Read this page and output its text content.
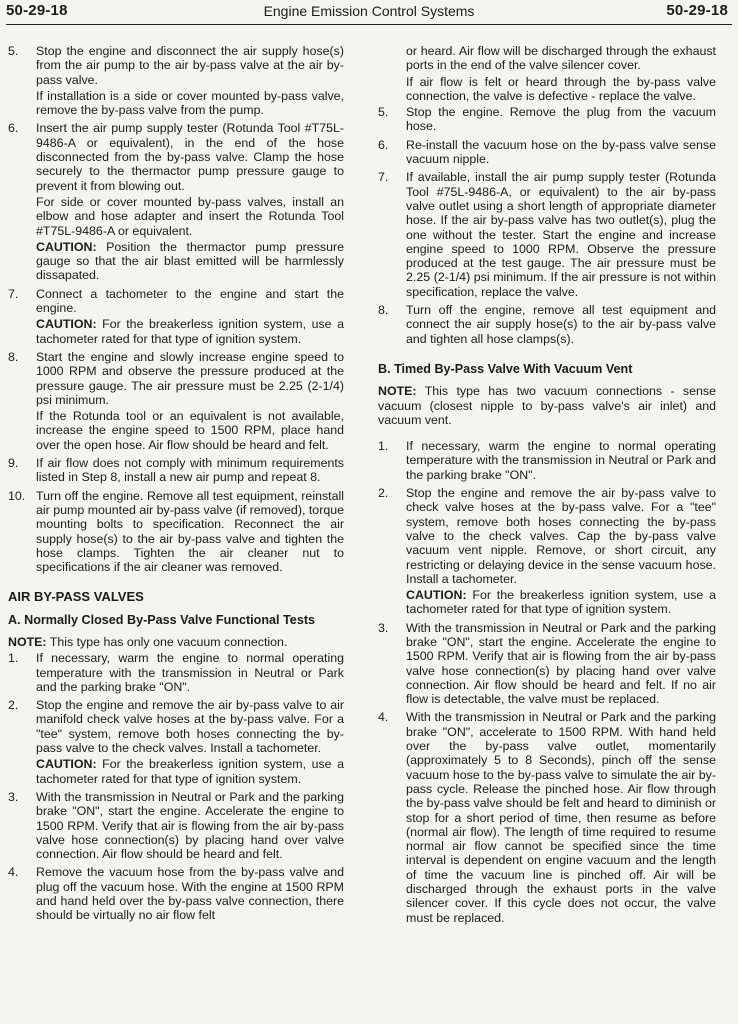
50-29-18	Engine Emission Control Systems	50-29-18
5.	Stop the engine and disconnect the air supply hose(s) from the air pump to the air by-pass valve at the air by-pass valve.

If installation is a side or cover mounted by-pass valve, remove the by-pass valve from the pump.

6.	Insert the air pump supply tester (Rotunda Tool #T75L-9486-A or equivalent), in the end of the hose disconnected from the by-pass valve. Clamp the hose securely to the thermactor pump pressure gauge to prevent it from blowing out.

For side or cover mounted by-pass valves, install an elbow and hose adapter and insert the Rotunda Tool #T75L-9486-A or equivalent.

CAUTION: Position the thermactor pump pressure gauge so that the air blast emitted will be harmlessly dissapated.

7.	Connect a tachometer to the engine and start the engine.

CAUTION: For the breakerless ignition system, use a tachometer rated for that type of ignition system.

8.	Start the engine and slowly increase engine speed to 1000 RPM and observe the pressure produced at the pressure gauge. The air pressure must be 2.25 (2-1/4) psi minimum.

If the Rotunda tool or an equivalent is not available, increase the engine speed to 1500 RPM, place hand over the open hose. Air flow should be heard and felt.

9.	If air flow does not comply with minimum requirements listed in Step 8, install a new air pump and repeat 8.

10. Turn off the engine. Remove all test equipment, reinstall air pump mounted air by-pass valve (if removed), torque mounting bolts to specification. Reconnect the air supply hose(s) to the air by-pass valve and tighten the hose clamps. Tighten the air cleaner nut to specifications if the air cleaner was removed.

AIR BY-PASS VALVES
A. Normally Closed By-Pass Valve Functional Tests
NOTE: This type has only one vacuum connection.
1.	If necessary, warm the engine to normal operating temperature with the transmission in Neutral or Park and the parking brake "ON".

2.	Stop the engine and remove the air by-pass valve to air manifold check valve hoses at the by-pass valve. For a "tee" system, remove both hoses connecting the by-pass valve to the check valves. Install a tachometer.

CAUTION: For the breakerless ignition system, use a tachometer rated for that type of ignition system.

3.	With the transmission in Neutral or Park and the parking brake "ON", start the engine. Accelerate the engine to 1500 RPM. Verify that air is flowing from the air by-pass valve hose connection(s) by placing hand over valve connection. Air flow should be heard and felt.

4.	Remove the vacuum hose from the by-pass valve and plug off the vacuum hose. With the engine at 1500 RPM and hand held over the by-pass valve connection, there should be virtually no air flow felt

or heard. Air flow will be discharged through the exhaust ports in the end of the valve silencer cover.

If air flow is felt or heard through the by-pass valve connection, the valve is defective - replace the valve.

5.	Stop the engine. Remove the plug from the vacuum hose.

6.	Re-install the vacuum hose on the by-pass valve sense vacuum nipple.

7.	If available, install the air pump supply tester (Rotunda Tool #75L-9486-A, or equivalent) to the air by-pass valve outlet using a short length of appropriate diameter hose. If the air by-pass valve has two outlet(s), plug the one without the tester. Start the engine and increase engine speed to 1000 RPM. Observe the pressure produced at the test gauge. The air pressure must be 2.25 (2-1/4) psi minimum. If the air pressure is not within specification, replace the valve.

8.	Turn off the engine, remove all test equipment and connect the air supply hose(s) to the air by-pass valve and tighten all hose clamps(s).

B. Timed By-Pass Valve With Vacuum Vent
NOTE: This type has two vacuum connections - sense vacuum (closest nipple to by-pass valve's air inlet) and vacuum vent.
1.	If necessary, warm the engine to normal operating temperature with the transmission in Neutral or Park and the parking brake "ON".

2.	Stop the engine and remove the air by-pass valve to check valve hoses at the by-pass valve. For a "tee" system, remove both hoses connecting the by-pass valve to the check valves. Cap the by-pass valve vacuum vent nipple. Remove, or short circuit, any restricting or delaying device in the sense vacuum hose. Install a tachometer.

CAUTION: For the breakerless ignition system, use a tachometer rated for that type of ignition system.

3.	With the transmission in Neutral or Park and the parking brake "ON", start the engine. Accelerate the engine to 1500 RPM. Verify that air is flowing from the air by-pass valve hose connection(s) by placing hand over valve connection. Air flow should be heard and felt. If no air flow is detectable, the valve must be replaced.

4.	With the transmission in Neutral or Park and the parking brake "ON", accelerate to 1500 RPM. With hand held over the by-pass valve outlet, momentarily (approximately 5 to 8 Seconds), pinch off the sense vacuum hose to the by-pass valve to simulate the air by-pass cycle. Release the pinched hose. Air flow through the by-pass valve should be felt and heard to diminish or stop for a short period of time, then resume as before (normal air flow). The length of time required to resume normal air flow cannot be specified since the time interval is dependent on engine vacuum and the length of time the vacuum line is pinched off. Air will be discharged through the exhaust ports in the valve silencer cover. If this cycle does not occur, the valve must be replaced.
